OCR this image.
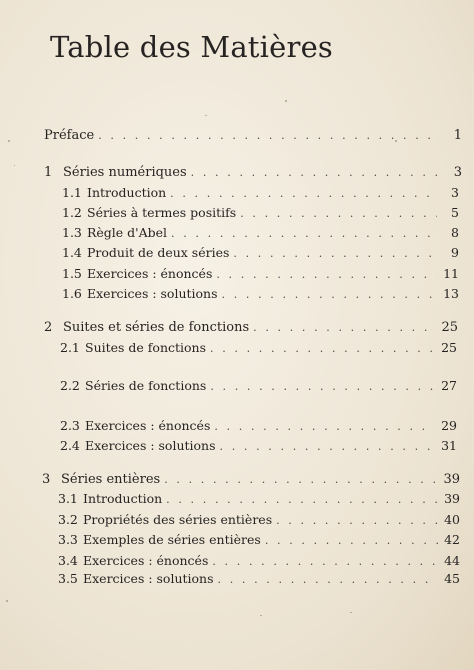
Table des Matières
Préface . . .	1
1 Séries numériques . . .	3
1.1 Introduction . . .	3
1.2 Séries à termes positifs . . .	5
1.3 Règle d'Abel . . .	8
1.4 Produit de deux séries . . .	9
1.5 Exercices : énoncés . . .	11
1.6 Exercices : solutions . . .	13
2 Suites et séries de fonctions . . .	25
2.1 Suites de fonctions . . .	25
2.2 Séries de fonctions . . .	27
2.3 Exercices : énoncés . . .	29
2.4 Exercices : solutions . . .	31
3 Séries entières . . .	39
3.1 Introduction . . .	39
3.2 Propriétés des séries entières . . .	40
3.3 Exemples de séries entières . . .	42
3.4 Exercices : énoncés . . .	44
3.5 Exercices : solutions . . .	45
